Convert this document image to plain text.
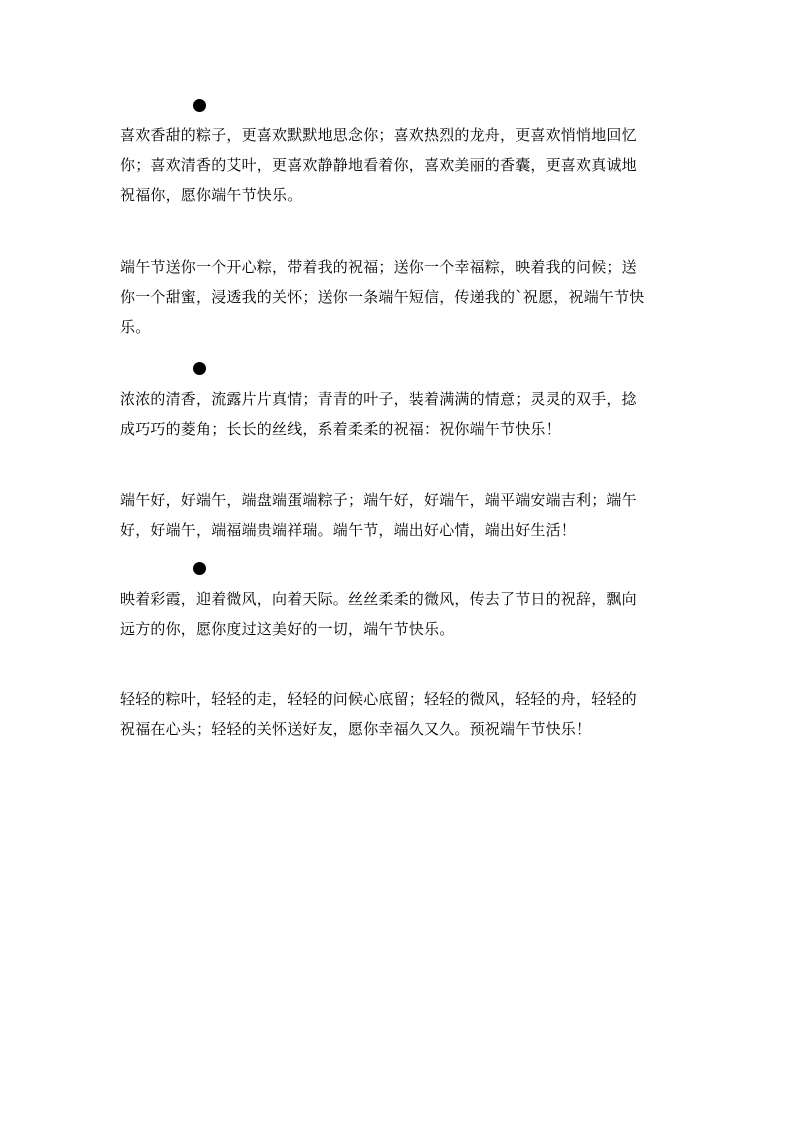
喜欢香甜的粽子，更喜欢默默地思念你；喜欢热烈的龙舟，更喜欢悄悄地回忆
你；喜欢清香的艾叶，更喜欢静静地看着你，喜欢美丽的香囊，更喜欢真诚地
祝福你，愿你端午节快乐。

端午节送你一个开心粽，带着我的祝福；送你一个幸福粽，映着我的问候；送
你一个甜蜜，浸透我的关怀；送你一条端午短信，传递我的`祝愿，祝端午节快
乐。

浓浓的清香，流露片片真情；青青的叶子，装着满满的情意；灵灵的双手，捻
成巧巧的菱角；长长的丝线，系着柔柔的祝福：祝你端午节快乐！

端午好，好端午，端盘端蛋端粽子；端午好，好端午，端平端安端吉利；端午
好，好端午，端福端贵端祥瑞。端午节，端出好心情，端出好生活！

映着彩霞，迎着微风，向着天际。丝丝柔柔的微风，传去了节日的祝辞，飘向
远方的你，愿你度过这美好的一切，端午节快乐。

轻轻的粽叶，轻轻的走，轻轻的问候心底留；轻轻的微风，轻轻的舟，轻轻的
祝福在心头；轻轻的关怀送好友，愿你幸福久又久。预祝端午节快乐！
